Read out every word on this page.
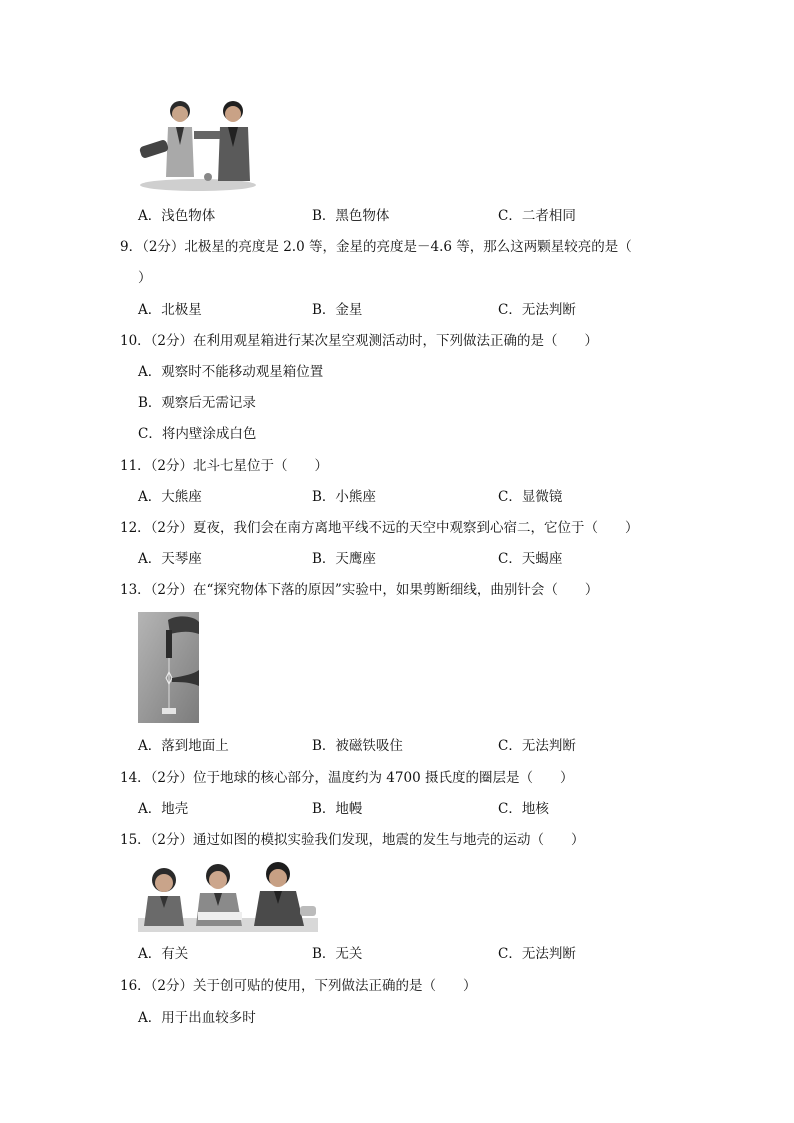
A．浅色物体	B．黑色物体	C．二者相同
9．（2分）北极星的亮度是 2.0 等，金星的亮度是－4.6 等，那么这两颗星较亮的是（
）
A．北极星	B．金星	C．无法判断
10．（2分）在利用观星箱进行某次星空观测活动时，下列做法正确的是（　　）
A．观察时不能移动观星箱位置
B．观察后无需记录
C．将内壁涂成白色
11．（2分）北斗七星位于（　　）
A．大熊座	B．小熊座	C．显微镜
12．（2分）夏夜，我们会在南方离地平线不远的天空中观察到心宿二，它位于（　　）
A．天琴座	B．天鹰座	C．天蝎座
13．（2分）在“探究物体下落的原因”实验中，如果剪断细线，曲别针会（　　）
A．落到地面上	B．被磁铁吸住	C．无法判断
14．（2分）位于地球的核心部分，温度约为 4700 摄氏度的圈层是（　　）
A．地壳	B．地幔	C．地核
15．（2分）通过如图的模拟实验我们发现，地震的发生与地壳的运动（　　）
A．有关	B．无关	C．无法判断
16．（2分）关于创可贴的使用，下列做法正确的是（　　）
A．用于出血较多时
